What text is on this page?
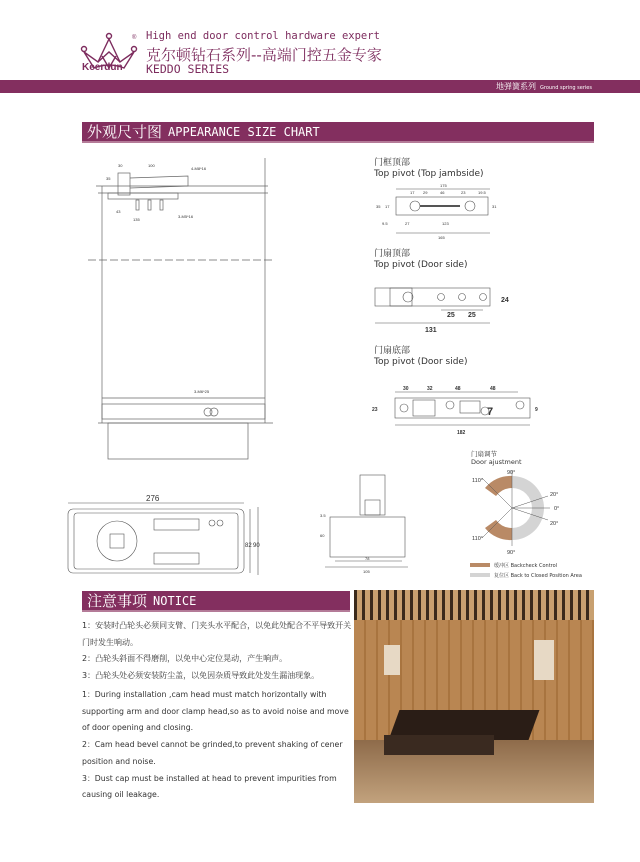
®
Keerdun
High end door control hardware expert
克尔顿钻石系列--高端门控五金专家
KEDDO SERIES
地弹簧系列 Ground spring series
外观尺寸图 APPEARANCE SIZE CHART
30	100
4-M8*16
35
43
135
3-M5*16
3-M6*25
门框顶部
Top pivot (Top jambside)
175
17 29	46	23	19.5
35 17	31
9.5	27	123
165
门扇顶部
Top pivot (Door side)
24
25 25
131
门扇底部
Top pivot (Door side)
30	32	48	48
23	9
182
7
276
82 90
3.5
60
78
105
门扇调节
Door ajustment
90°
110°
20°
0°
20°
110°
90°
缓冲区 Backcheck Control
复位区 Back to Closed Position Area
注意事项 NOTICE

1：安装时凸轮头必须同支臂、门夹头水平配合，以免此处配合不平导致开关门时发生响动。

2：凸轮头斜面不得磨削，以免中心定位晃动，产生响声。

3：凸轮头处必须安装防尘盖，以免因杂质导致此处发生漏油现象。

1：During installation ,cam head must match horizontally with supporting arm and door clamp head,so as to avoid noise and move of door opening and closing.

2：Cam head bevel cannot be grinded,to prevent shaking of cener position and noise.

3：Dust cap must be installed at head to prevent impurities from causing oil leakage.
